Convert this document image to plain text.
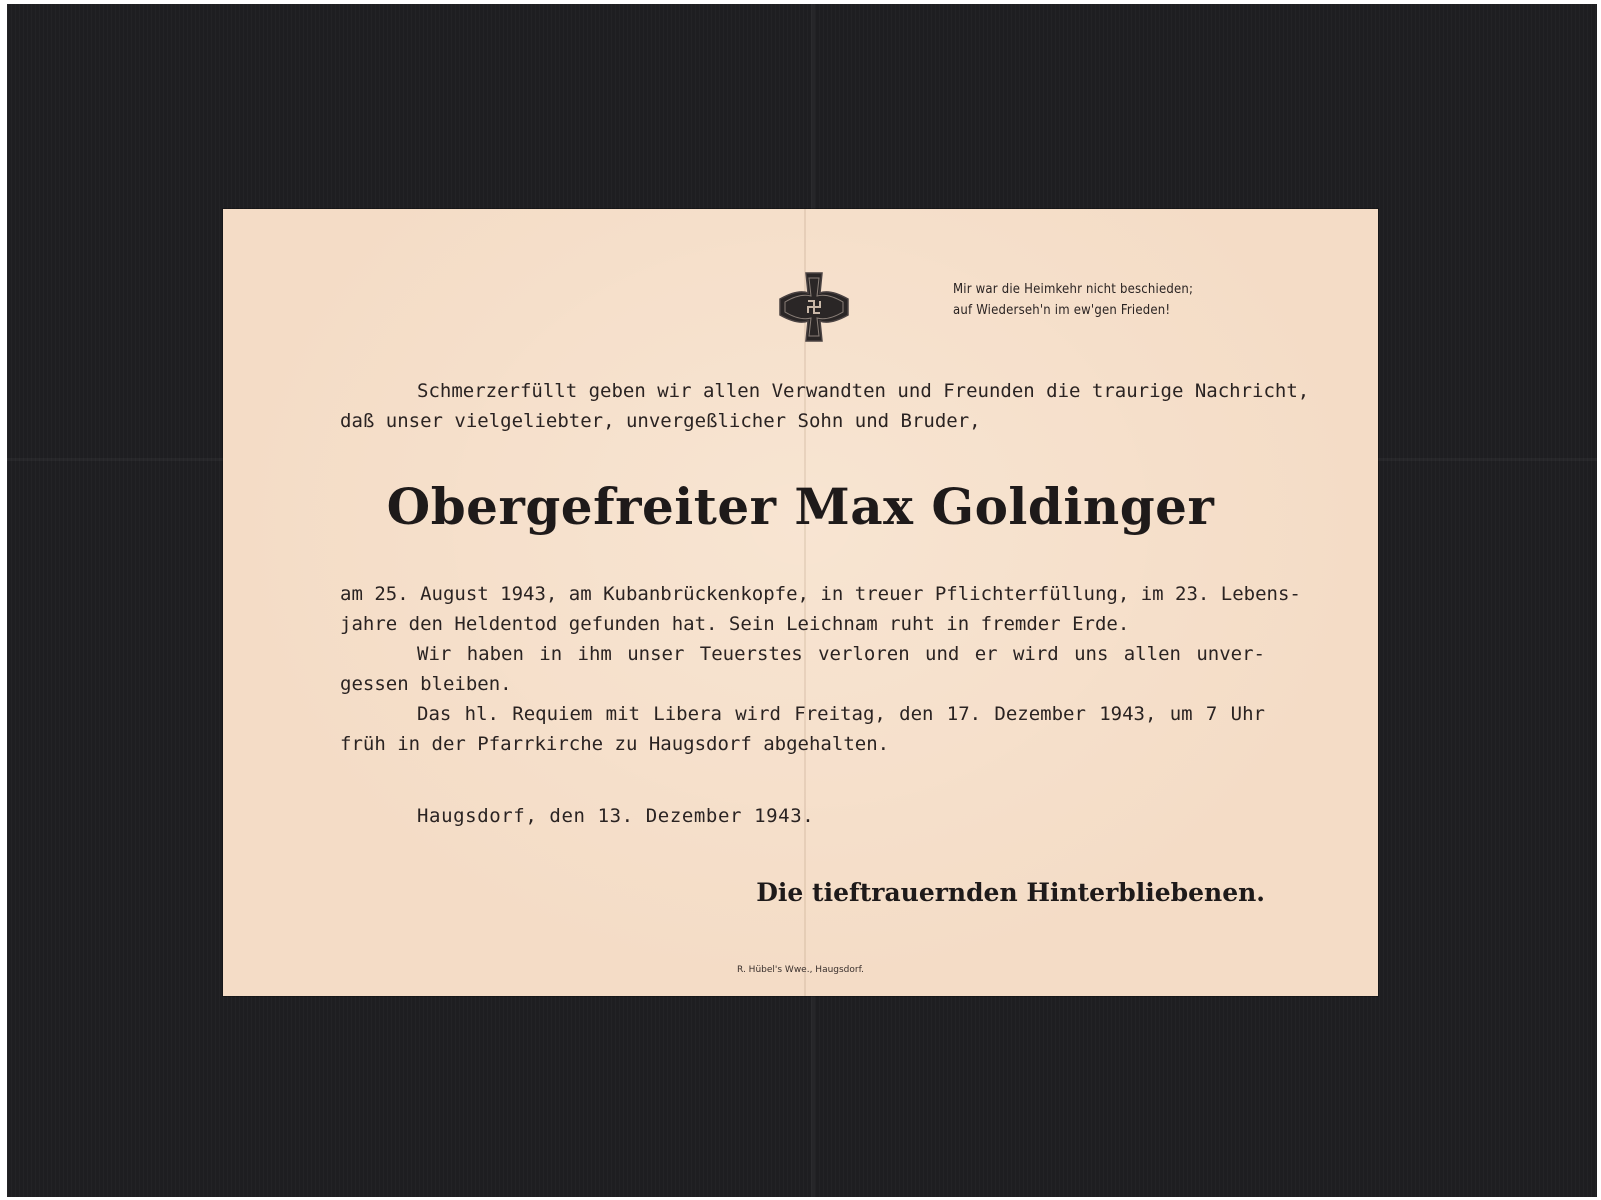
Mir war die Heimkehr nicht beschieden;
auf Wiederseh'n im ew'gen Frieden!
Schmerzerfüllt geben wir allen Verwandten und Freunden die traurige Nachricht,
daß unser vielgeliebter, unvergeßlicher Sohn und Bruder,
Obergefreiter Max Goldinger
am 25. August 1943, am Kubanbrückenkopfe, in treuer Pflichterfüllung, im 23. Lebens-
jahre den Heldentod gefunden hat. Sein Leichnam ruht in fremder Erde.
Wir haben in ihm unser Teuerstes verloren und er wird uns allen unver-
gessen bleiben.
Das hl. Requiem mit Libera wird Freitag, den 17. Dezember 1943, um 7 Uhr
früh in der Pfarrkirche zu Haugsdorf abgehalten.
Haugsdorf, den 13. Dezember 1943.
Die tieftrauernden Hinterbliebenen.
R. Hübel's Wwe., Haugsdorf.
